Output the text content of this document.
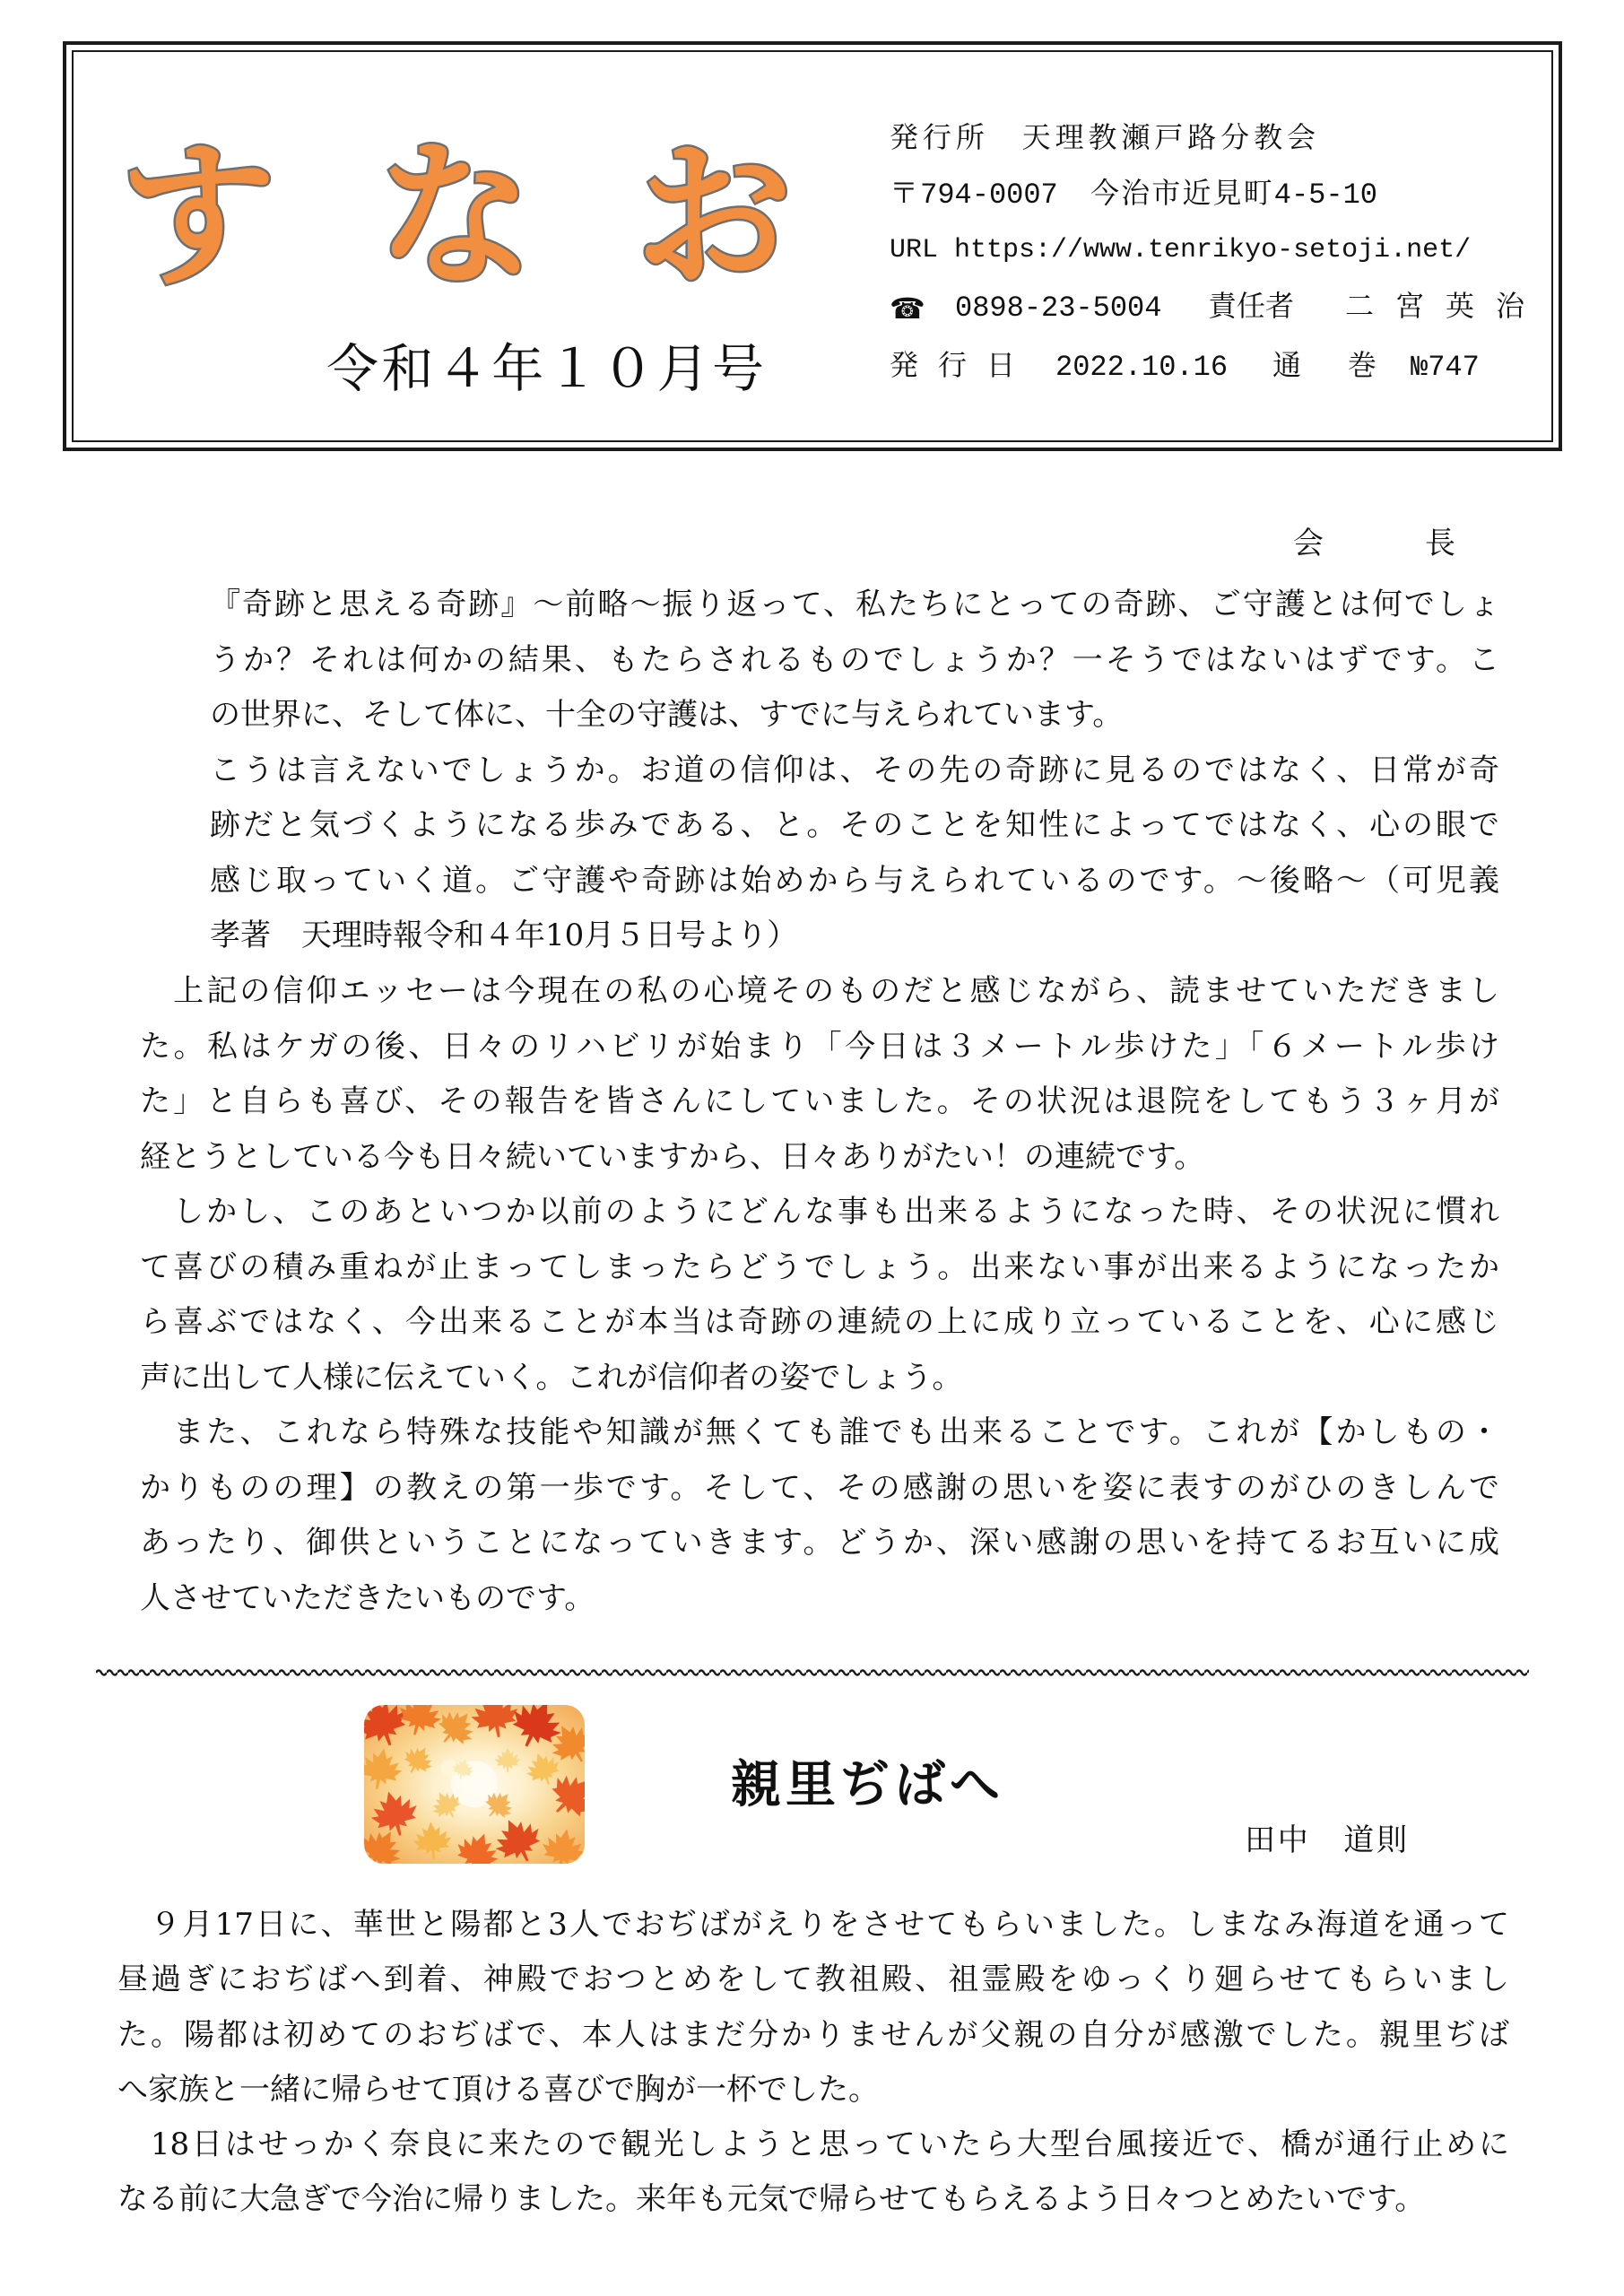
す な お
令和４年１０月号
発行所　天理教瀬戸路分教会
〒794-0007　今治市近見町4-5-10
URL https://www.tenrikyo-setoji.net/
☎ 0898-23-5004 責任者 二 宮 英 治
発 行 日 2022.10.16 通　巻 №747
会　　長
『奇跡と思える奇跡』～前略～振り返って、私たちにとっての奇跡、ご守護とは何でしょ
うか？それは何かの結果、もたらされるものでしょうか？一そうではないはずです。こ
の世界に、そして体に、十全の守護は、すでに与えられています。
こうは言えないでしょうか。お道の信仰は、その先の奇跡に見るのではなく、日常が奇
跡だと気づくようになる歩みである、と。そのことを知性によってではなく、心の眼で
感じ取っていく道。ご守護や奇跡は始めから与えられているのです。～後略～（可児義
孝著　天理時報令和４年10月５日号より）
　上記の信仰エッセーは今現在の私の心境そのものだと感じながら、読ませていただきまし
た。私はケガの後、日々のリハビリが始まり「今日は３メートル歩けた」「６メートル歩け
た」と自らも喜び、その報告を皆さんにしていました。その状況は退院をしてもう３ヶ月が
経とうとしている今も日々続いていますから、日々ありがたい！の連続です。
　しかし、このあといつか以前のようにどんな事も出来るようになった時、その状況に慣れ
て喜びの積み重ねが止まってしまったらどうでしょう。出来ない事が出来るようになったか
ら喜ぶではなく、今出来ることが本当は奇跡の連続の上に成り立っていることを、心に感じ
声に出して人様に伝えていく。これが信仰者の姿でしょう。
　また、これなら特殊な技能や知識が無くても誰でも出来ることです。これが【かしもの・
かりものの理】の教えの第一歩です。そして、その感謝の思いを姿に表すのがひのきしんで
あったり、御供ということになっていきます。どうか、深い感謝の思いを持てるお互いに成
人させていただきたいものです。
親里ぢばへ
田中　道則
　９月17日に、華世と陽都と3人でおぢばがえりをさせてもらいました。しまなみ海道を通って
昼過ぎにおぢばへ到着、神殿でおつとめをして教祖殿、祖霊殿をゆっくり廻らせてもらいまし
た。陽都は初めてのおぢばで、本人はまだ分かりませんが父親の自分が感激でした。親里ぢば
へ家族と一緒に帰らせて頂ける喜びで胸が一杯でした。
　18日はせっかく奈良に来たので観光しようと思っていたら大型台風接近で、橋が通行止めに
なる前に大急ぎで今治に帰りました。来年も元気で帰らせてもらえるよう日々つとめたいです。
